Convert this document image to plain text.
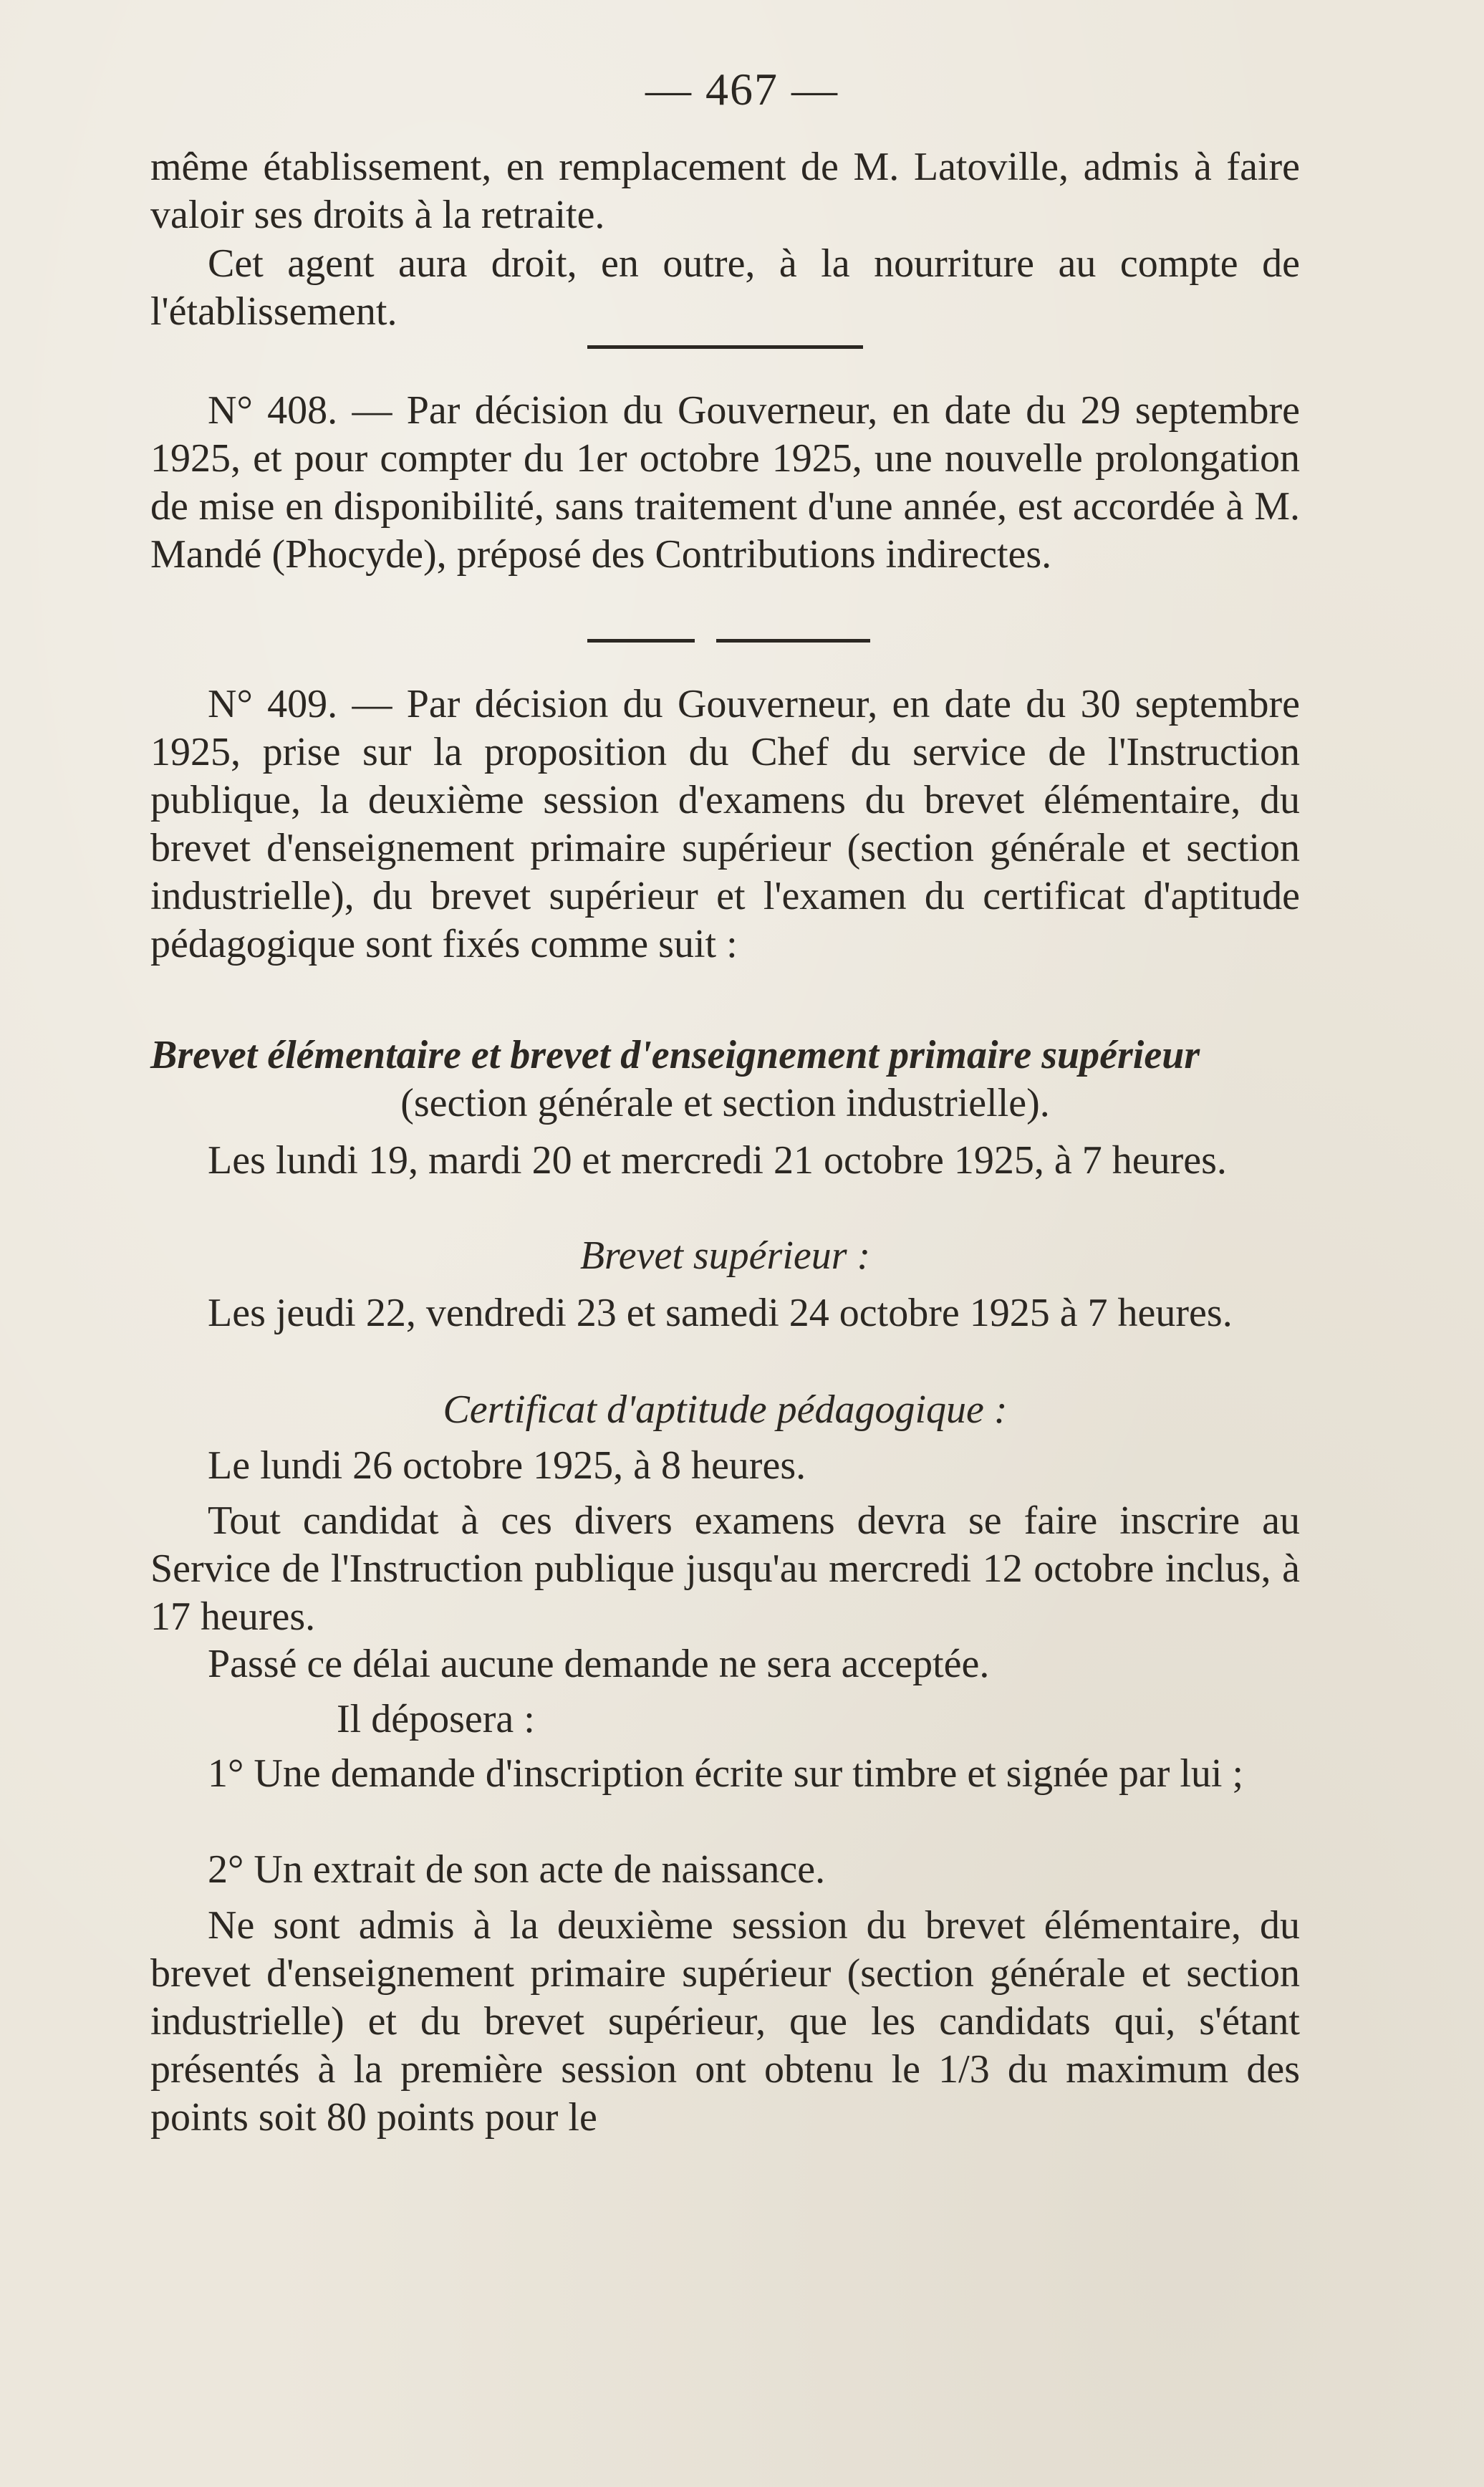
— 467 —
même établissement, en remplacement de M. Latoville, admis à faire valoir ses droits à la retraite.
Cet agent aura droit, en outre, à la nourriture au compte de l'établissement.
N° 408. — Par décision du Gouverneur, en date du 29 septembre 1925, et pour compter du 1er octobre 1925, une nouvelle prolongation de mise en disponibilité, sans traitement d'une année, est accordée à M. Mandé (Phocyde), préposé des Contributions indirectes.
N° 409. — Par décision du Gouverneur, en date du 30 septembre 1925, prise sur la proposition du Chef du service de l'Instruction publique, la deuxième session d'examens du brevet élémentaire, du brevet d'enseignement primaire supérieur (section générale et section industrielle), du brevet supérieur et l'examen du certificat d'aptitude pédagogique sont fixés comme suit :
Brevet élémentaire et brevet d'enseignement primaire supérieur
(section générale et section industrielle).
Les lundi 19, mardi 20 et mercredi 21 octobre 1925, à 7 heures.
Brevet supérieur :
Les jeudi 22, vendredi 23 et samedi 24 octobre 1925 à 7 heures.
Certificat d'aptitude pédagogique :
Le lundi 26 octobre 1925, à 8 heures.
Tout candidat à ces divers examens devra se faire inscrire au Service de l'Instruction publique jusqu'au mercredi 12 octobre inclus, à 17 heures.
Passé ce délai aucune demande ne sera acceptée.
Il déposera :
1° Une demande d'inscription écrite sur timbre et signée par lui ;
2° Un extrait de son acte de naissance.
Ne sont admis à la deuxième session du brevet élémentaire, du brevet d'enseignement primaire supérieur (section générale et section industrielle) et du brevet supérieur, que les candidats qui, s'étant présentés à la première session ont obtenu le 1/3 du maximum des points soit 80 points pour le
